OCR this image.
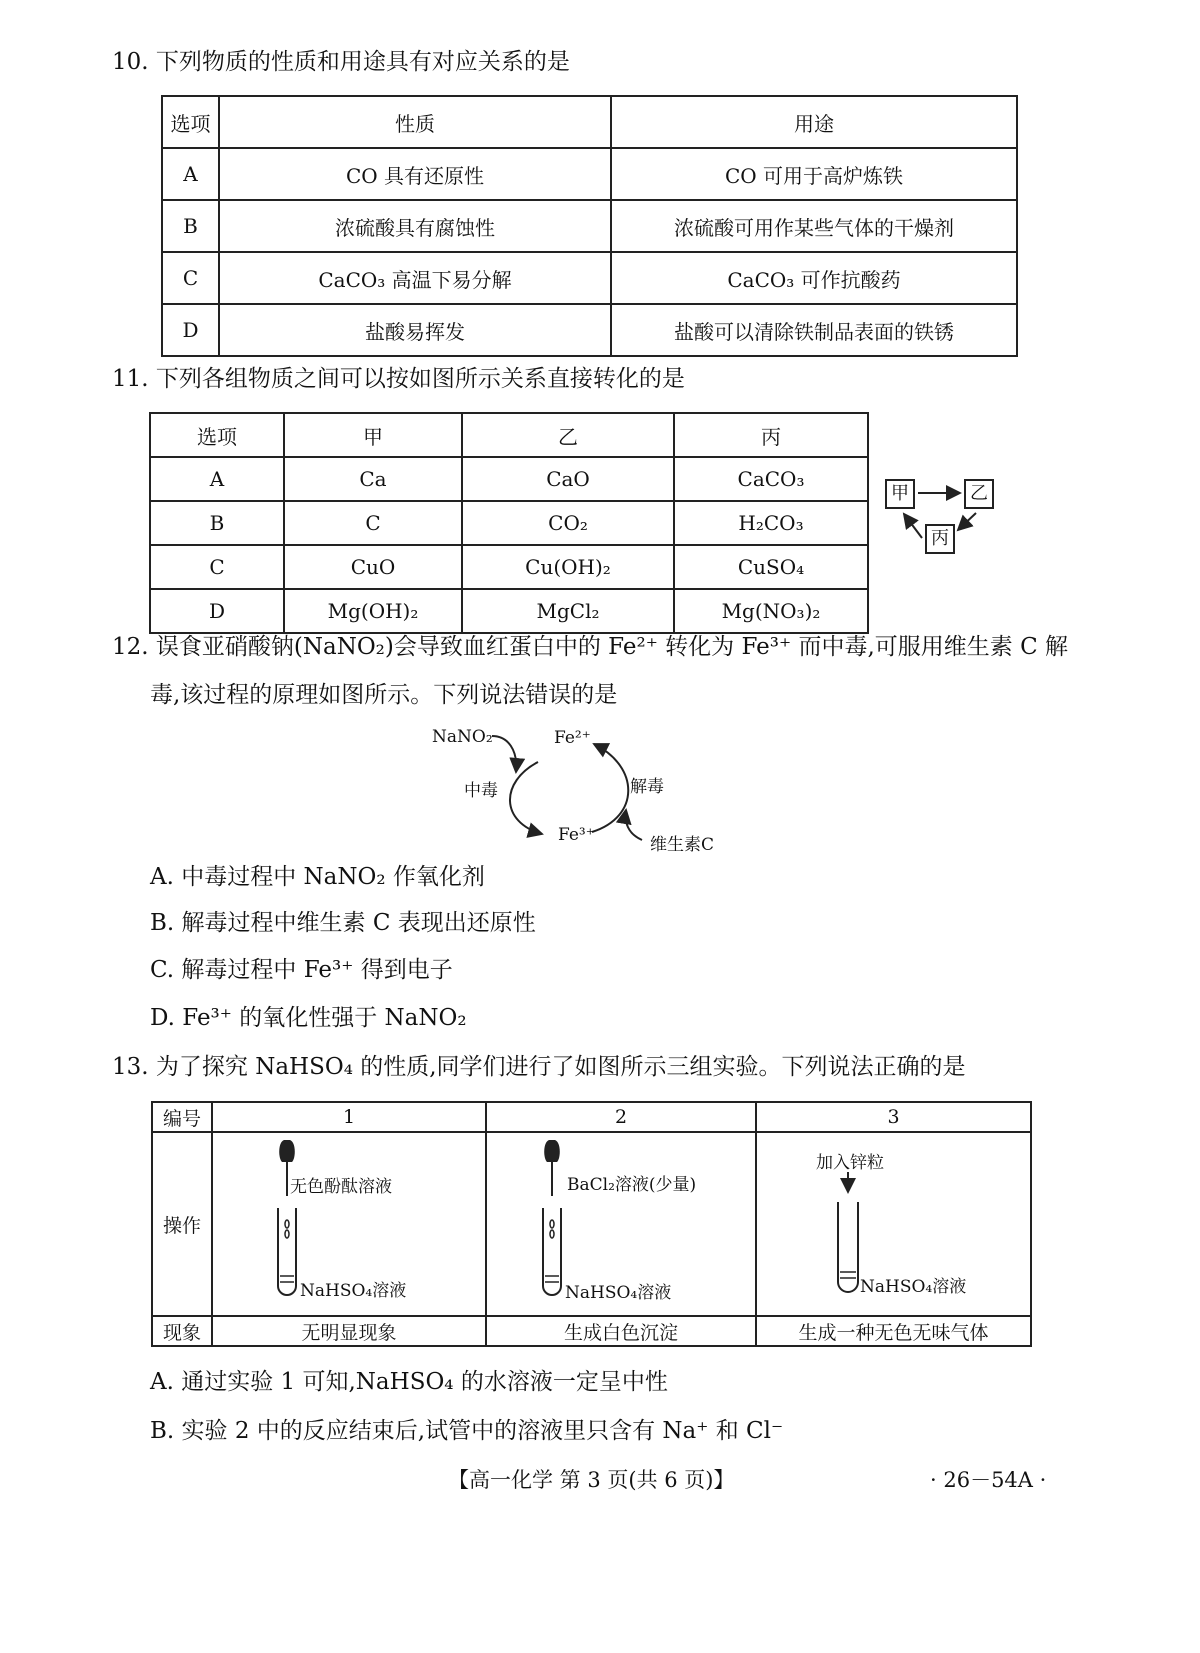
10. 下列物质的性质和用途具有对应关系的是
选项	性质	用途
A	CO 具有还原性	CO 可用于高炉炼铁
B	浓硫酸具有腐蚀性	浓硫酸可用作某些气体的干燥剂
C	CaCO₃ 高温下易分解	CaCO₃ 可作抗酸药
D	盐酸易挥发	盐酸可以清除铁制品表面的铁锈
11. 下列各组物质之间可以按如图所示关系直接转化的是
选项	甲	乙	丙
A	Ca	CaO	CaCO₃
B	C	CO₂	H₂CO₃
C	CuO	Cu(OH)₂	CuSO₄
D	Mg(OH)₂	MgCl₂	Mg(NO₃)₂
甲	乙
丙
12. 误食亚硝酸钠(NaNO₂)会导致血红蛋白中的 Fe²⁺ 转化为 Fe³⁺ 而中毒,可服用维生素 C 解
毒,该过程的原理如图所示。下列说法错误的是
NaNO₂	Fe²⁺
中毒	解毒
Fe³⁺	维生素C
A. 中毒过程中 NaNO₂ 作氧化剂
B. 解毒过程中维生素 C 表现出还原性
C. 解毒过程中 Fe³⁺ 得到电子
D. Fe³⁺ 的氧化性强于 NaNO₂
13. 为了探究 NaHSO₄ 的性质,同学们进行了如图所示三组实验。下列说法正确的是
编号	1	2	3
操作			
现象	无明显现象	生成白色沉淀	生成一种无色无味气体
无色酚酞溶液
NaHSO₄溶液
BaCl₂溶液(少量)
NaHSO₄溶液
加入锌粒
NaHSO₄溶液
A. 通过实验 1 可知,NaHSO₄ 的水溶液一定呈中性
B. 实验 2 中的反应结束后,试管中的溶液里只含有 Na⁺ 和 Cl⁻
【高一化学 第 3 页(共 6 页)】	· 26－54A ·
